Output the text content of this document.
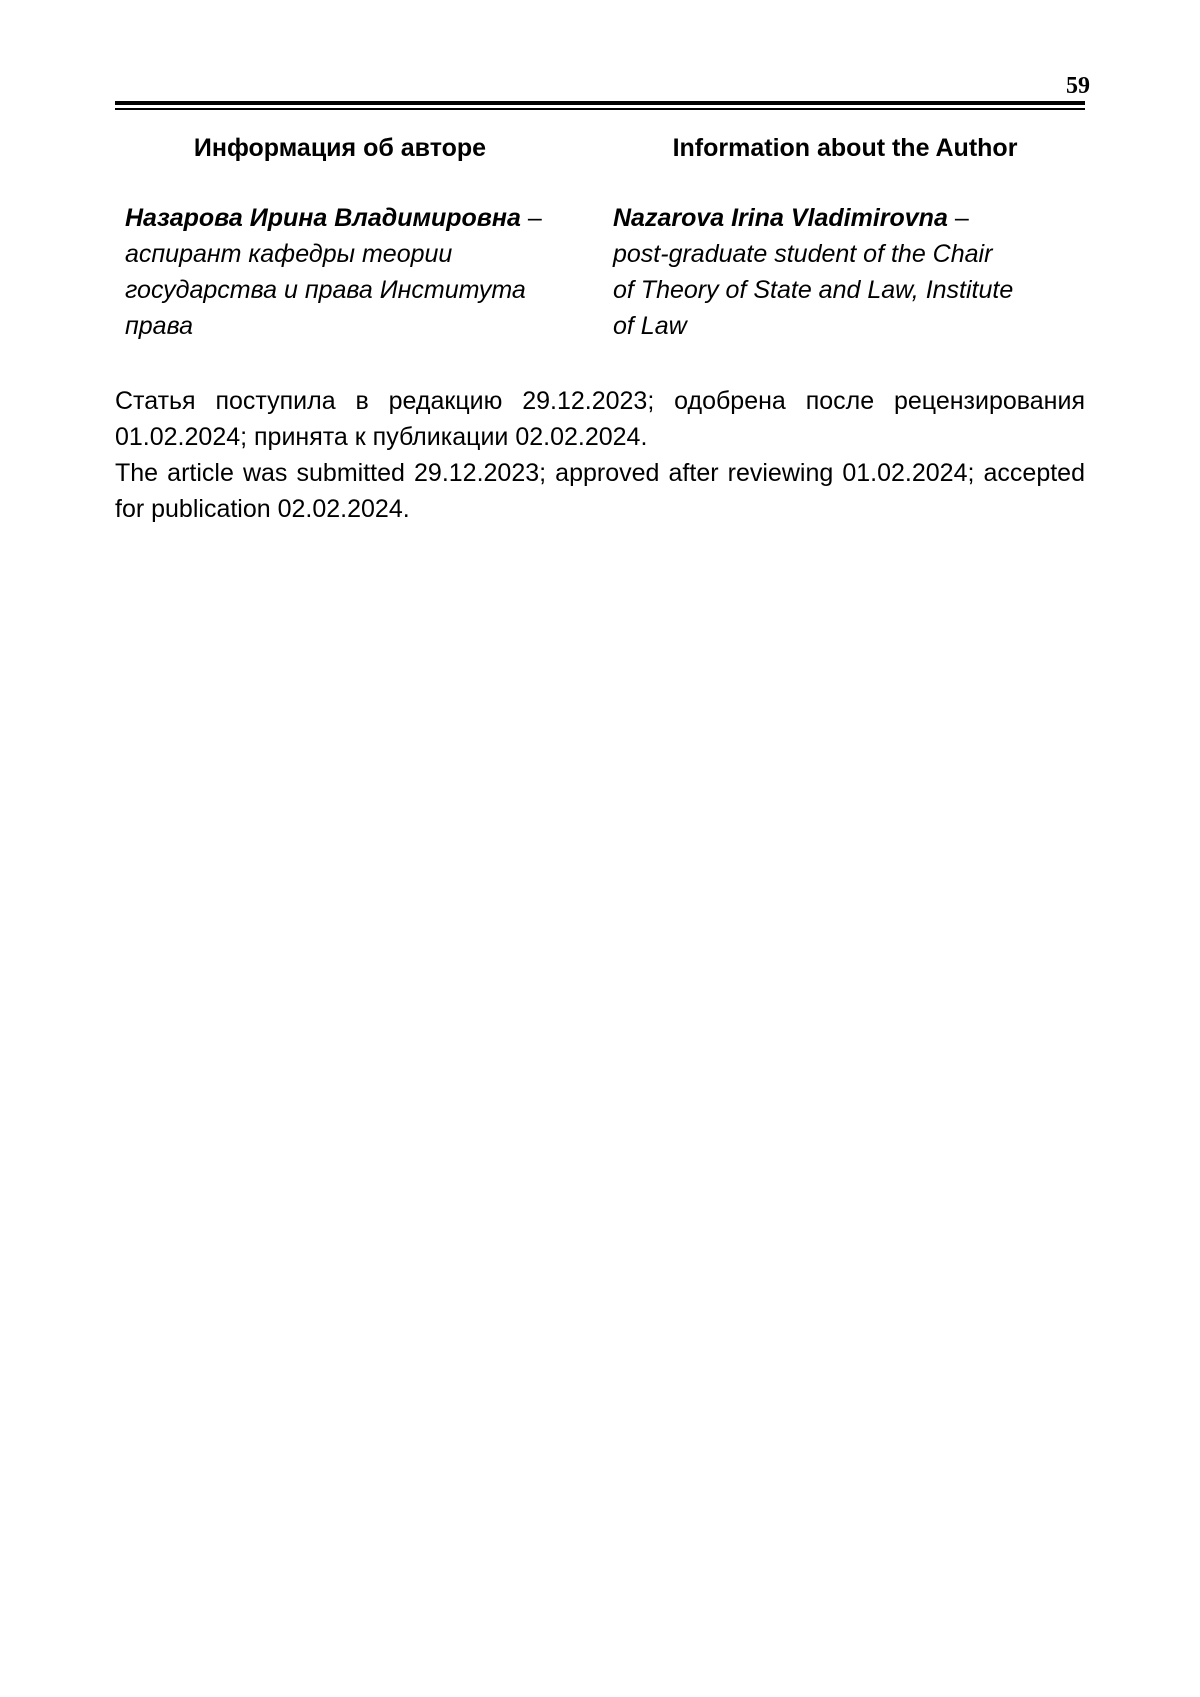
59
Информация об авторе
Назарова Ирина Владимировна –
аспирант кафедры теории
государства и права Института
права
Information about the Author
Nazarova Irina Vladimirovna –
post-graduate student of the Chair
of Theory of State and Law, Institute
of Law

Статья поступила в редакцию 29.12.2023; одобрена после рецензирования 01.02.2024; принята к публикации 02.02.2024.

The article was submitted 29.12.2023; approved after reviewing 01.02.2024; accepted for publication 02.02.2024.
